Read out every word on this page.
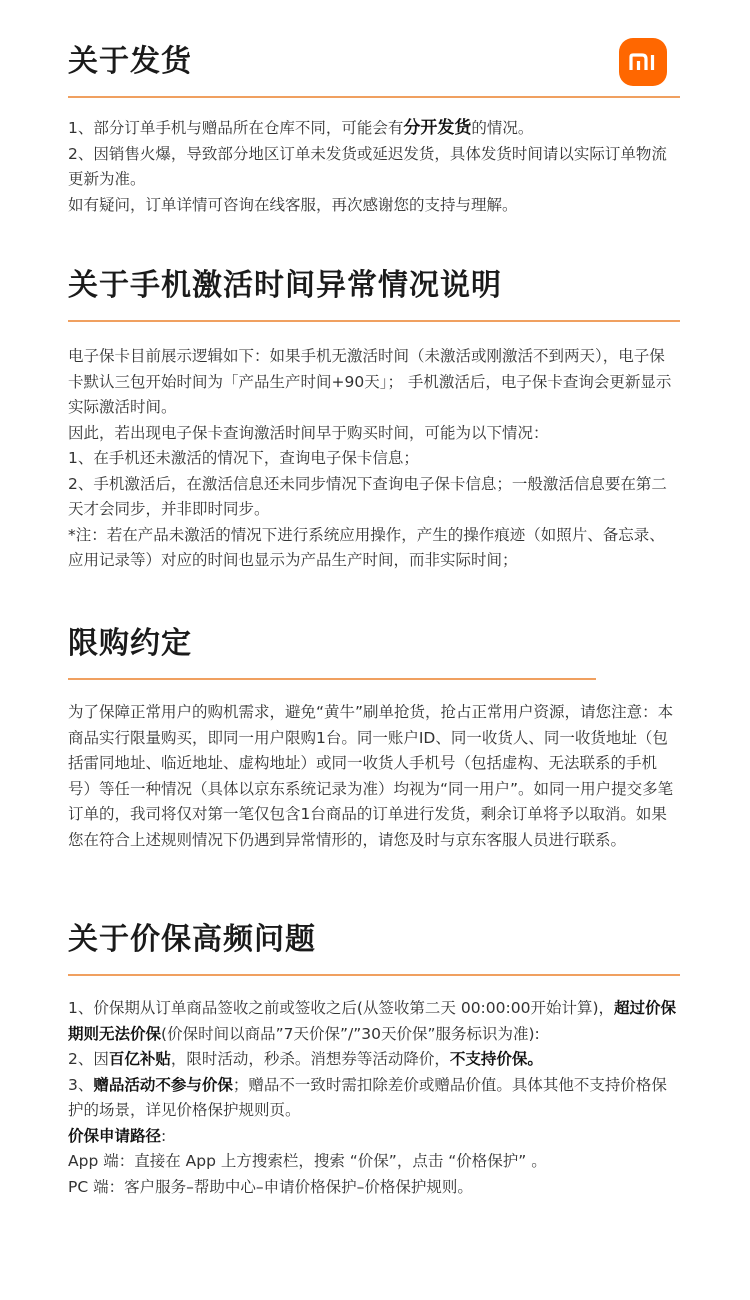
关于发货

1、部分订单手机与赠品所在仓库不同，可能会有分开发货的情况。

2、因销售火爆，导致部分地区订单未发货或延迟发货，具体发货时间请以实际订单物流更新为准。

如有疑问，订单详情可咨询在线客服，再次感谢您的支持与理解。

关于手机激活时间异常情况说明

电子保卡目前展示逻辑如下：如果手机无激活时间（未激活或刚激活不到两天），电子保卡默认三包开始时间为「产品生产时间+90天」； 手机激活后，电子保卡查询会更新显示实际激活时间。

因此，若出现电子保卡查询激活时间早于购买时间，可能为以下情况：

1、在手机还未激活的情况下，查询电子保卡信息；

2、手机激活后，在激活信息还未同步情况下查询电子保卡信息；一般激活信息要在第二天才会同步，并非即时同步。

*注：若在产品未激活的情况下进行系统应用操作，产生的操作痕迹（如照片、备忘录、应用记录等）对应的时间也显示为产品生产时间，而非实际时间；

限购约定

为了保障正常用户的购机需求，避免“黄牛”刷单抢货，抢占正常用户资源，请您注意：本商品实行限量购买，即同一用户限购1台。同一账户ID、同一收货人、同一收货地址（包括雷同地址、临近地址、虚构地址）或同一收货人手机号（包括虚构、无法联系的手机号）等任一种情况（具体以京东系统记录为准）均视为“同一用户”。如同一用户提交多笔订单的，我司将仅对第一笔仅包含1台商品的订单进行发货，剩余订单将予以取消。如果您在符合上述规则情况下仍遇到异常情形的，请您及时与京东客服人员进行联系。

关于价保高频问题

1、价保期从订单商品签收之前或签收之后(从签收第二天 00:00:00开始计算)，超过价保期则无法价保(价保时间以商品”7天价保”/”30天价保”服务标识为准):

2、因百亿补贴，限时活动，秒杀。消想券等活动降价，不支持价保。

3、赠品活动不参与价保；赠品不一致时需扣除差价或赠品价值。具体其他不支持价格保护的场景，详见价格保护规则页。

价保申请路径:

App 端：直接在 App 上方搜索栏，搜索 “价保”，点击 “价格保护” 。

PC 端：客户服务–帮助中心–申请价格保护–价格保护规则。
